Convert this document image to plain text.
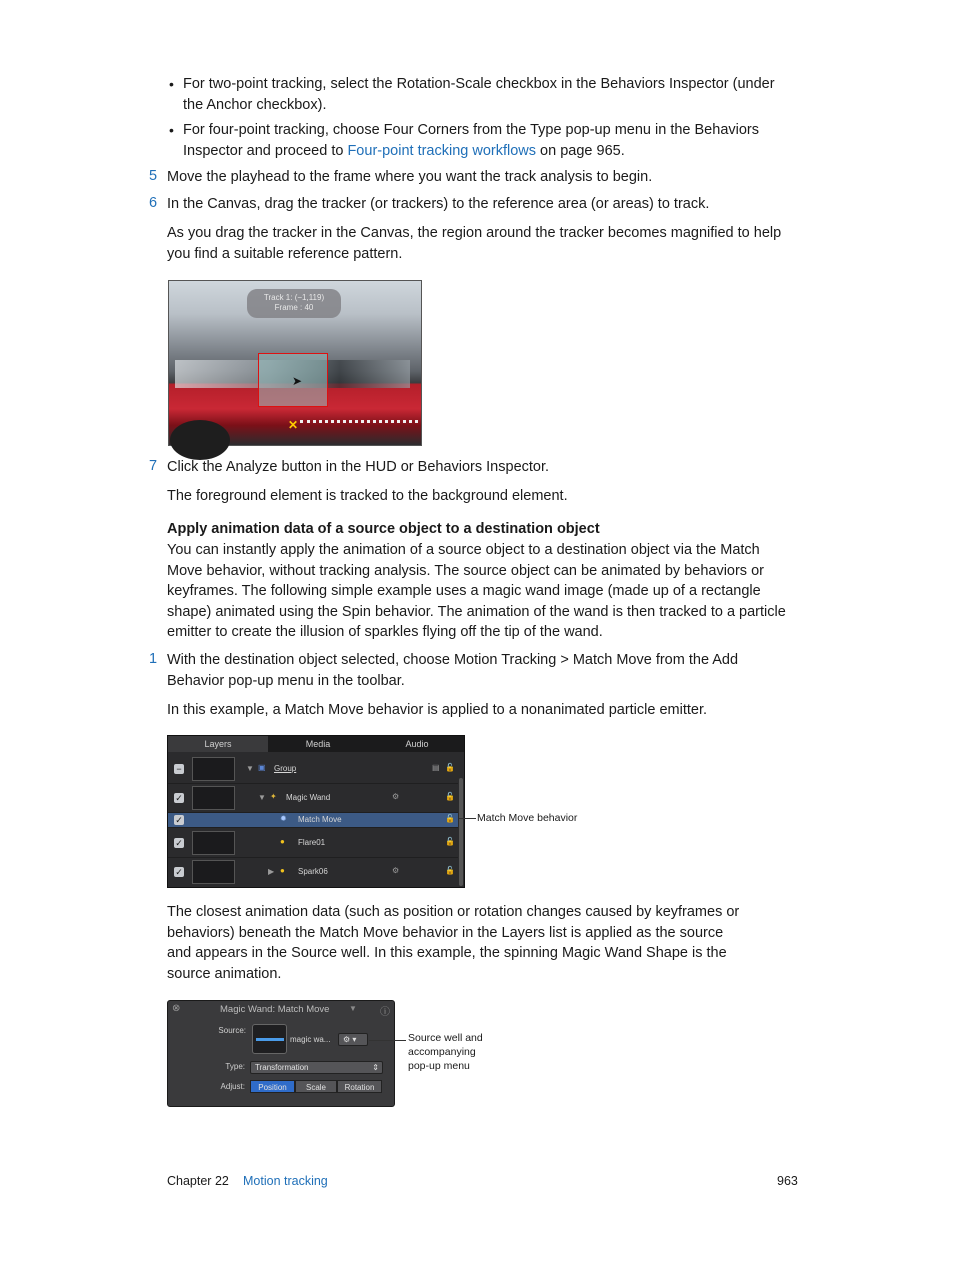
• For two-point tracking, select the Rotation-Scale checkbox in the Behaviors Inspector (under
the Anchor checkbox).
• For four-point tracking, choose Four Corners from the Type pop-up menu in the Behaviors
Inspector and proceed to Four-point tracking workflows on page 965.
5 Move the playhead to the frame where you want the track analysis to begin.
6 In the Canvas, drag the tracker (or trackers) to the reference area (or areas) to track.
As you drag the tracker in the Canvas, the region around the tracker becomes magnified to help
you find a suitable reference pattern.
Track 1: (−1,119)
Frame : 40
➤
✕
7 Click the Analyze button in the HUD or Behaviors Inspector.
The foreground element is tracked to the background element.
Apply animation data of a source object to a destination object
You can instantly apply the animation of a source object to a destination object via the Match
Move behavior, without tracking analysis. The source object can be animated by behaviors or
keyframes. The following simple example uses a magic wand image (made up of a rectangle
shape) animated using the Spin behavior. The animation of the wand is then tracked to a particle
emitter to create the illusion of sparkles flying off the tip of the wand.
1 With the destination object selected, choose Motion Tracking > Match Move from the Add
Behavior pop-up menu in the toolbar.
In this example, a Match Move behavior is applied to a nonanimated particle emitter.
Layers	Media	Audio
−	▼ ▣ Group	▤ 🔓
✓	▼ ✦ Magic Wand	⚙	🔓
✓	✹ Match Move	🔓
✓	● Flare01	🔓
✓	▶ ● Spark06	⚙	🔓
Match Move behavior
The closest animation data (such as position or rotation changes caused by keyframes or
behaviors) beneath the Match Move behavior in the Layers list is applied as the source
and appears in the Source well. In this example, the spinning Magic Wand Shape is the
source animation.
⊗	Magic Wand: Match Move ▼ ⓘ
Source:
magic wa...	⚙ ▾
Type:	Transformation	⇕
Adjust:	Position	Scale	Rotation
Source well and
accompanying
pop-up menu
Chapter 22 Motion tracking	963
